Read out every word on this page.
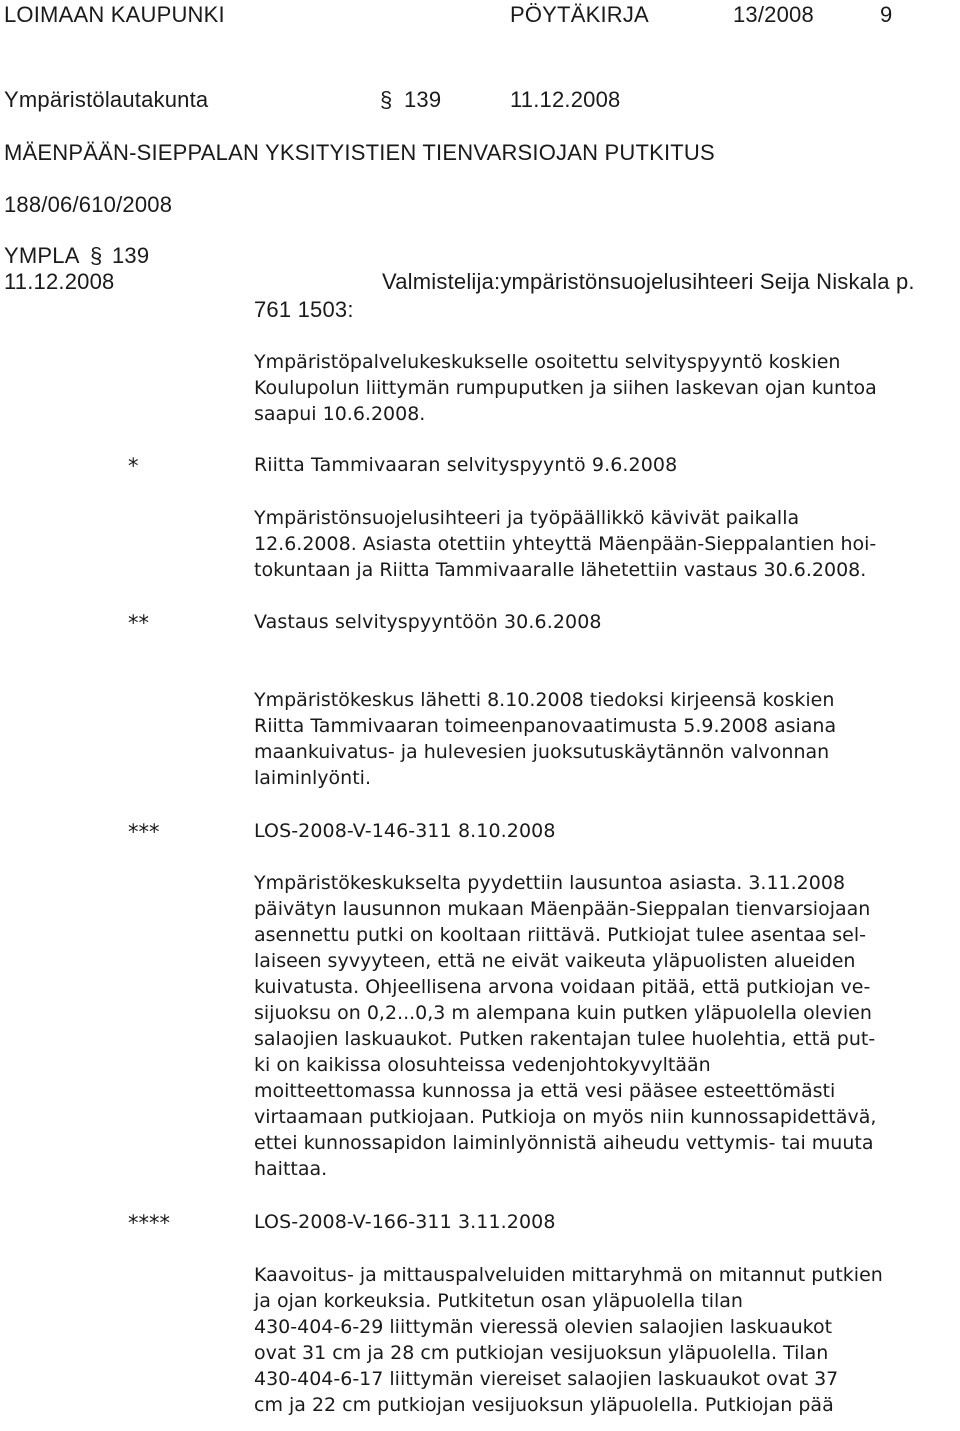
LOIMAAN KAUPUNKI	PÖYTÄKIRJA	13/2008	9
Ympäristölautakunta	§ 139	11.12.2008
MÄENPÄÄN-SIEPPALAN YKSITYISTIEN TIENVARSIOJAN PUTKITUS
188/06/610/2008
YMPLA § 139
11.12.2008	Valmistelija:ympäristönsuojelusihteeri Seija Niskala p.
761 1503:
Ympäristöpalvelukeskukselle osoitettu selvityspyyntö koskien
Koulupolun liittymän rumpuputken ja siihen laskevan ojan kuntoa
saapui 10.6.2008.
*	Riitta Tammivaaran selvityspyyntö 9.6.2008
Ympäristönsuojelusihteeri ja työpäällikkö kävivät paikalla
12.6.2008. Asiasta otettiin yhteyttä Mäenpään-Sieppalantien hoi-
tokuntaan ja Riitta Tammivaaralle lähetettiin vastaus 30.6.2008.
**	Vastaus selvityspyyntöön 30.6.2008
Ympäristökeskus lähetti 8.10.2008 tiedoksi kirjeensä koskien
Riitta Tammivaaran toimeenpanovaatimusta 5.9.2008 asiana
maankuivatus- ja hulevesien juoksutuskäytännön valvonnan
laiminlyönti.
***	LOS-2008-V-146-311 8.10.2008
Ympäristökeskukselta pyydettiin lausuntoa asiasta. 3.11.2008
päivätyn lausunnon mukaan Mäenpään-Sieppalan tienvarsiojaan
asennettu putki on kooltaan riittävä. Putkiojat tulee asentaa sel-
laiseen syvyyteen, että ne eivät vaikeuta yläpuolisten alueiden
kuivatusta. Ohjeellisena arvona voidaan pitää, että putkiojan ve-
sijuoksu on 0,2...0,3 m alempana kuin putken yläpuolella olevien
salaojien laskuaukot. Putken rakentajan tulee huolehtia, että put-
ki on kaikissa olosuhteissa vedenjohtokyvyltään
moitteettomassa kunnossa ja että vesi pääsee esteettömästi
virtaamaan putkiojaan. Putkioja on myös niin kunnossapidettävä,
ettei kunnossapidon laiminlyönnistä aiheudu vettymis- tai muuta
haittaa.
****	LOS-2008-V-166-311 3.11.2008
Kaavoitus- ja mittauspalveluiden mittaryhmä on mitannut putkien
ja ojan korkeuksia. Putkitetun osan yläpuolella tilan
430-404-6-29 liittymän vieressä olevien salaojien laskuaukot
ovat 31 cm ja 28 cm putkiojan vesijuoksun yläpuolella. Tilan
430-404-6-17 liittymän viereiset salaojien laskuaukot ovat 37
cm ja 22 cm putkiojan vesijuoksun yläpuolella. Putkiojan pää
